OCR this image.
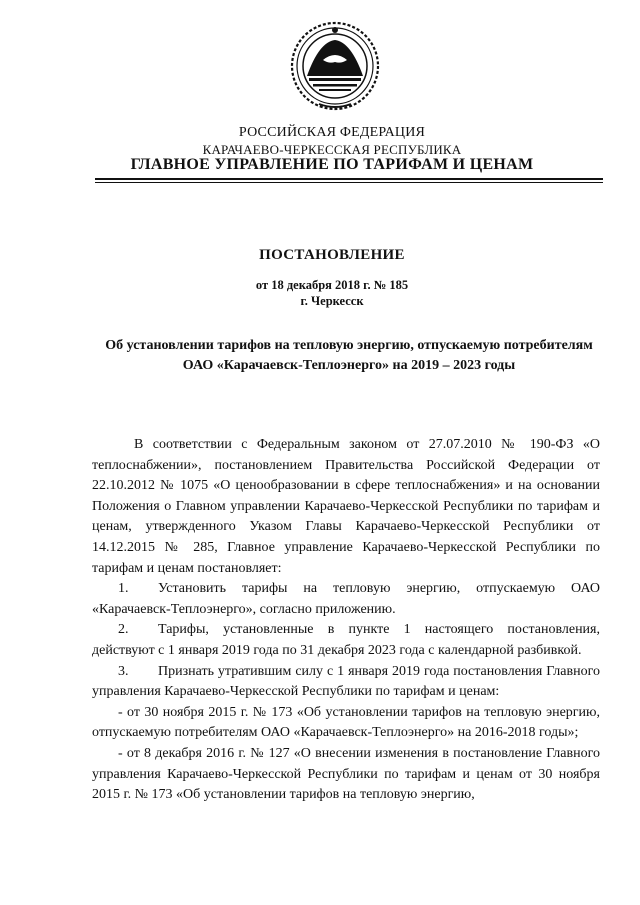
РОССИЙСКАЯ ФЕДЕРАЦИЯ
КАРАЧАЕВО-ЧЕРКЕССКАЯ РЕСПУБЛИКА
ГЛАВНОЕ УПРАВЛЕНИЕ ПО ТАРИФАМ И ЦЕНАМ
ПОСТАНОВЛЕНИЕ
от 18 декабря 2018 г. № 185
г. Черкесск
Об установлении тарифов на тепловую энергию, отпускаемую потребителям ОАО «Карачаевск-Теплоэнерго» на 2019 – 2023 годы

В соответствии с Федеральным законом от 27.07.2010 № 190-ФЗ «О теплоснабжении», постановлением Правительства Российской Федерации от 22.10.2012 № 1075 «О ценообразовании в сфере теплоснабжения» и на основании Положения о Главном управлении Карачаево-Черкесской Республики по тарифам и ценам, утвержденного Указом Главы Карачаево-Черкесской Республики от 14.12.2015 № 285, Главное управление Карачаево-Черкесской Республики по тарифам и ценам постановляет:

1. Установить тарифы на тепловую энергию, отпускаемую ОАО «Карачаевск-Теплоэнерго», согласно приложению.

2. Тарифы, установленные в пункте 1 настоящего постановления, действуют с 1 января 2019 года по 31 декабря 2023 года с календарной разбивкой.

3. Признать утратившим силу с 1 января 2019 года постановления Главного управления Карачаево-Черкесской Республики по тарифам и ценам:

- от 30 ноября 2015 г. № 173 «Об установлении тарифов на тепловую энергию, отпускаемую потребителям ОАО «Карачаевск-Теплоэнерго» на 2016-2018 годы»;

- от 8 декабря 2016 г. № 127 «О внесении изменения в постановление Главного управления Карачаево-Черкесской Республики по тарифам и ценам от 30 ноября 2015 г. № 173 «Об установлении тарифов на тепловую энергию,
